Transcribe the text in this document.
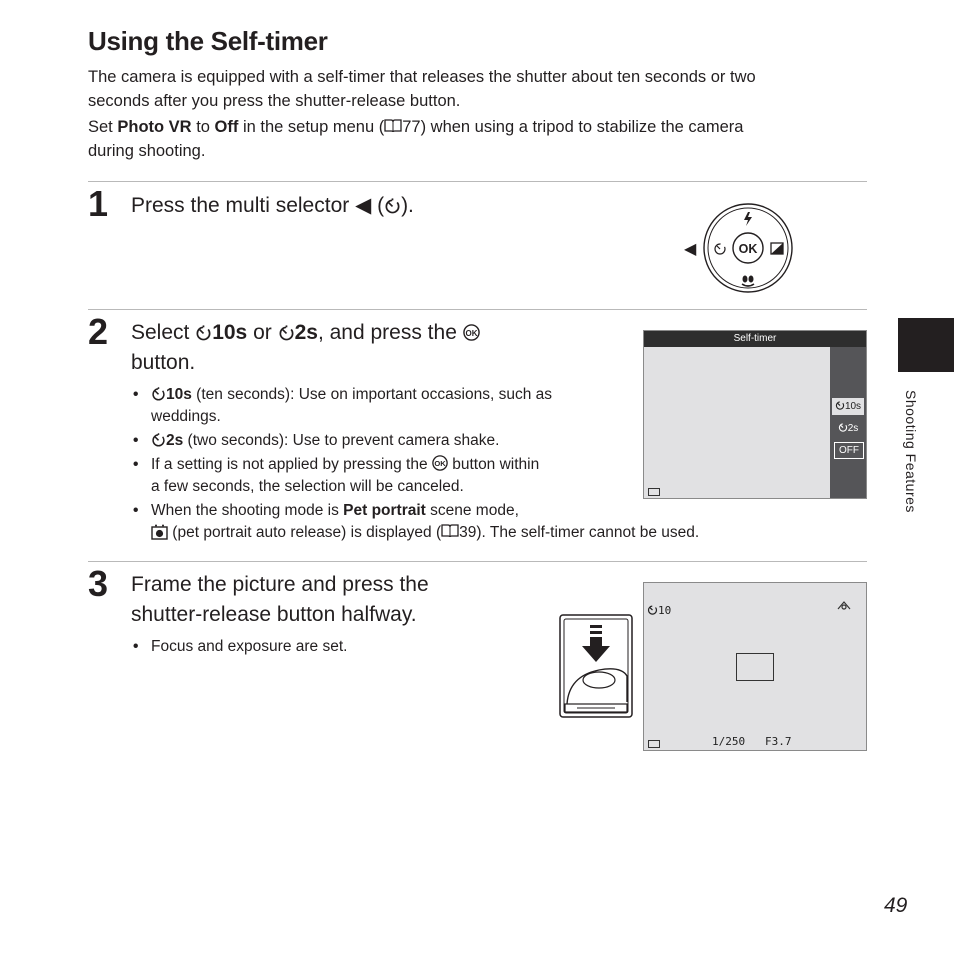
Using the Self-timer

The camera is equipped with a self-timer that releases the shutter about ten seconds or two

seconds after you press the shutter-release button.

Set Photo VR to Off in the setup menu ( 77) when using a tripod to stabilize the camera

during shooting.

1 Press the multi selector ◀ ( ).
◀	OK
2 Select 10s or 2s, and press the OK

button.
•	10s (ten seconds): Use on important occasions, such as
weddings.
•	2s (two seconds): Use to prevent camera shake.
• If a setting is not applied by pressing the OK button within
a few seconds, the selection will be canceled.
• When the shooting mode is Pet portrait scene mode,
(pet portrait auto release) is displayed ( 39). The self-timer cannot be used.
Self-timer
10s
2s
OFF
3 Frame the picture and press the
shutter-release button halfway.
• Focus and exposure are set.
10
1/250 F3.7
Shooting Features
49
